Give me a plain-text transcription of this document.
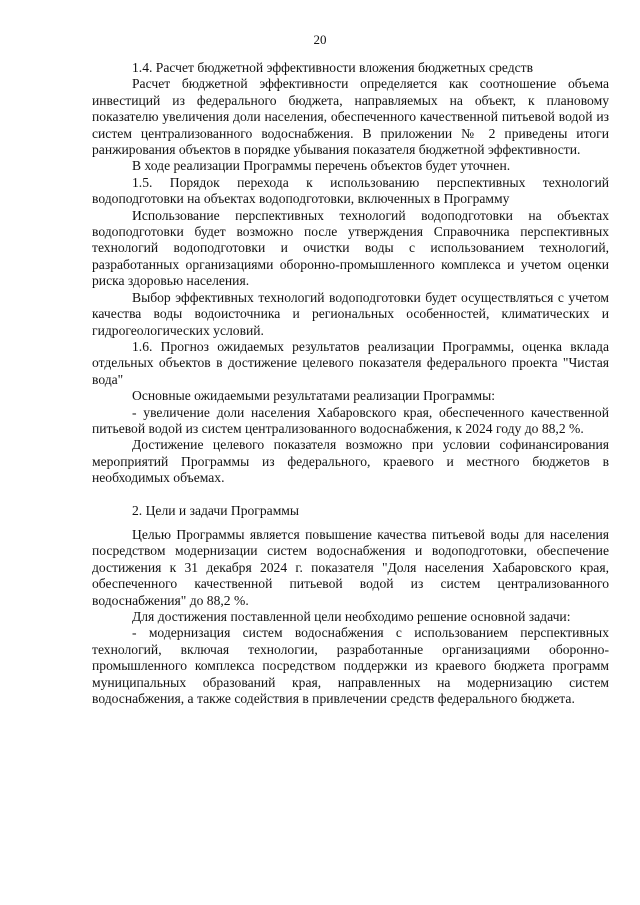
20

1.4. Расчет бюджетной эффективности вложения бюджетных средств

Расчет бюджетной эффективности определяется как соотношение объема инвестиций из федерального бюджета, направляемых на объект, к плановому показателю увеличения доли населения, обеспеченного качественной питьевой водой из систем централизованного водоснабжения. В приложении № 2 приведены итоги ранжирования объектов в порядке убывания показателя бюджетной эффективности.

В ходе реализации Программы перечень объектов будет уточнен.

1.5. Порядок перехода к использованию перспективных технологий водоподготовки на объектах водоподготовки, включенных в Программу

Использование перспективных технологий водоподготовки на объектах водоподготовки будет возможно после утверждения Справочника перспективных технологий водоподготовки и очистки воды с использованием технологий, разработанных организациями оборонно-промышленного комплекса и учетом оценки риска здоровью населения.

Выбор эффективных технологий водоподготовки будет осуществляться с учетом качества воды водоисточника и региональных особенностей, климатических и гидрогеологических условий.

1.6. Прогноз ожидаемых результатов реализации Программы, оценка вклада отдельных объектов в достижение целевого показателя федерального проекта "Чистая вода"

Основные ожидаемыми результатами реализации Программы:

- увеличение доли населения Хабаровского края, обеспеченного качественной питьевой водой из систем централизованного водоснабжения, к 2024 году до 88,2 %.

Достижение целевого показателя возможно при условии софинансирования мероприятий Программы из федерального, краевого и местного бюджетов в необходимых объемах.

2. Цели и задачи Программы

Целью Программы является повышение качества питьевой воды для населения посредством модернизации систем водоснабжения и водоподготовки, обеспечение достижения к 31 декабря 2024 г. показателя "Доля населения Хабаровского края, обеспеченного качественной питьевой водой из систем централизованного водоснабжения" до 88,2 %.

Для достижения поставленной цели необходимо решение основной задачи:

- модернизация систем водоснабжения с использованием перспективных технологий, включая технологии, разработанные организациями оборонно-промышленного комплекса посредством поддержки из краевого бюджета программ муниципальных образований края, направленных на модернизацию систем водоснабжения, а также содействия в привлечении средств федерального бюджета.
